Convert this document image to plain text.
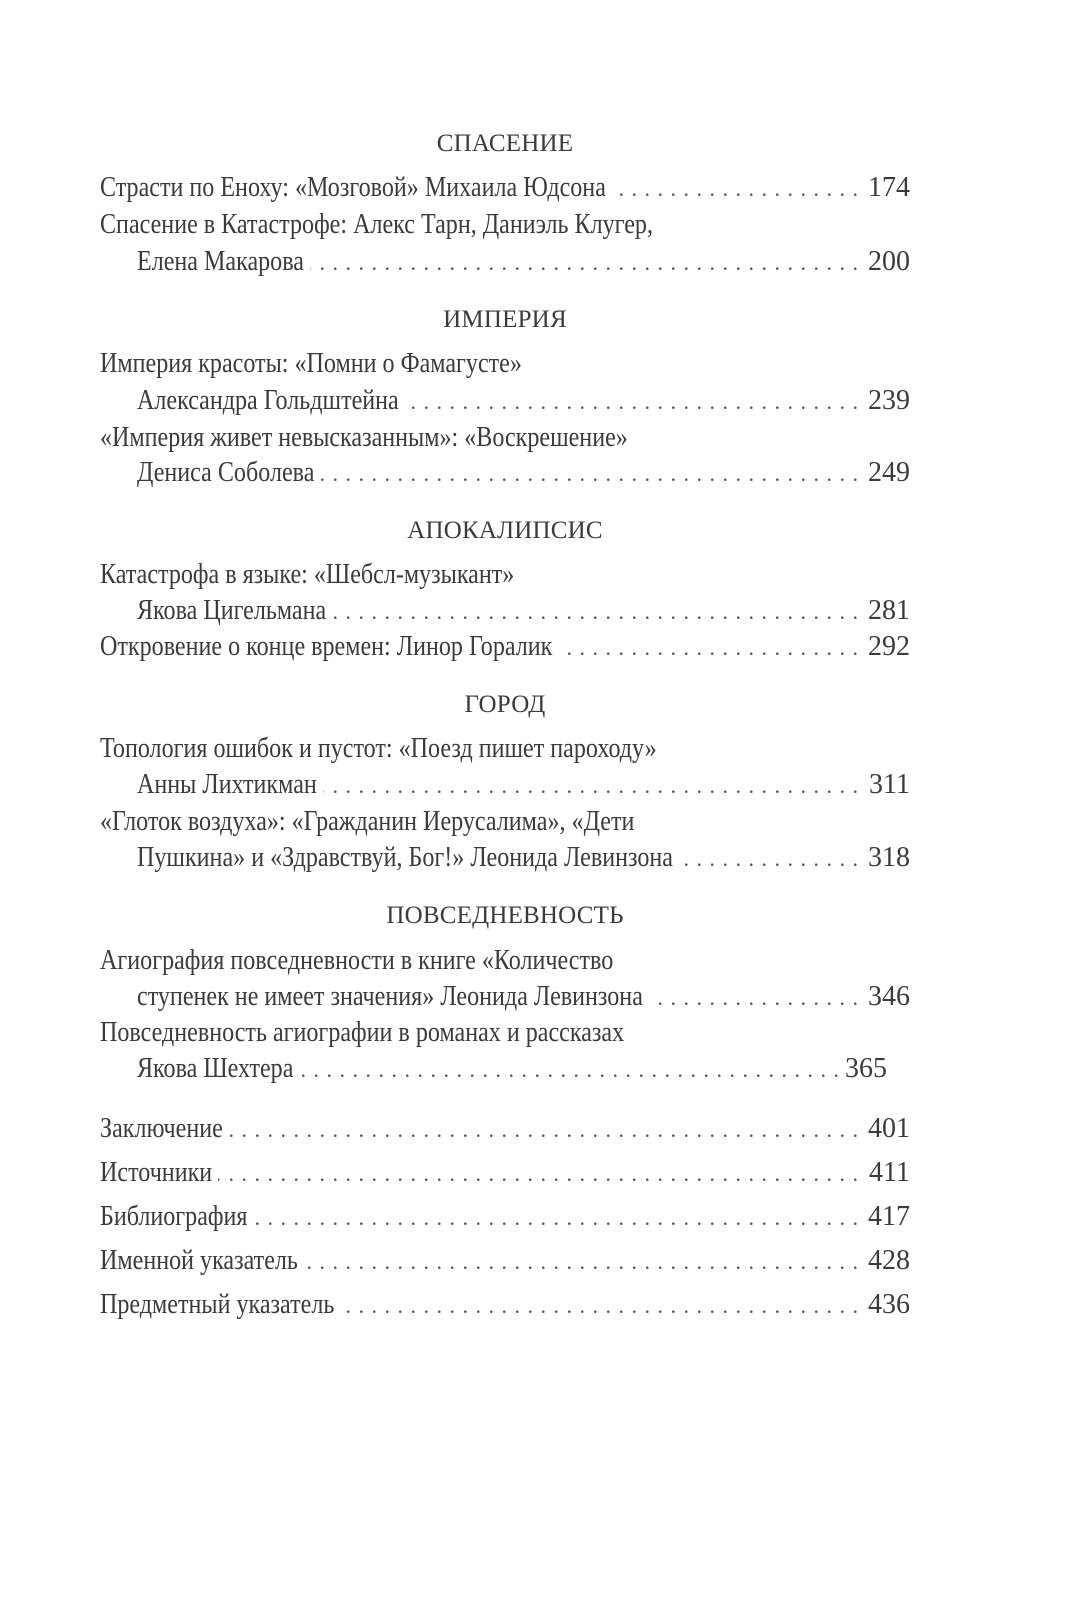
СПАСЕНИЕ
Страсти по Еноху: «Мозговой» Михаила Юдсона . . .	174
Спасение в Катастрофе: Алекс Тарн, Даниэль Клугер,
Елена Макарова . . .	200
ИМПЕРИЯ
Империя красоты: «Помни о Фамагусте»
Александра Гольдштейна . . .	239
«Империя живет невысказанным»: «Воскрешение»
Дениса Соболева . . .	249
АПОКАЛИПСИС
Катастрофа в языке: «Шебсл-музыкант»
Якова Цигельмана . . .	281
Откровение о конце времен: Линор Горалик . . .	292
ГОРОД
Топология ошибок и пустот: «Поезд пишет пароходу»
Анны Лихтикман . . .	311
«Глоток воздуха»: «Гражданин Иерусалима», «Дети
Пушкина» и «Здравствуй, Бог!» Леонида Левинзона . . .	318
ПОВСЕДНЕВНОСТЬ
Агиография повседневности в книге «Количество
ступенек не имеет значения» Леонида Левинзона . . .	346
Повседневность агиографии в романах и рассказах
Якова Шехтера . . .	365
Заключение . . .	401
Источники . . .	411
Библиография . . .	417
Именной указатель . . .	428
Предметный указатель . . .	436
